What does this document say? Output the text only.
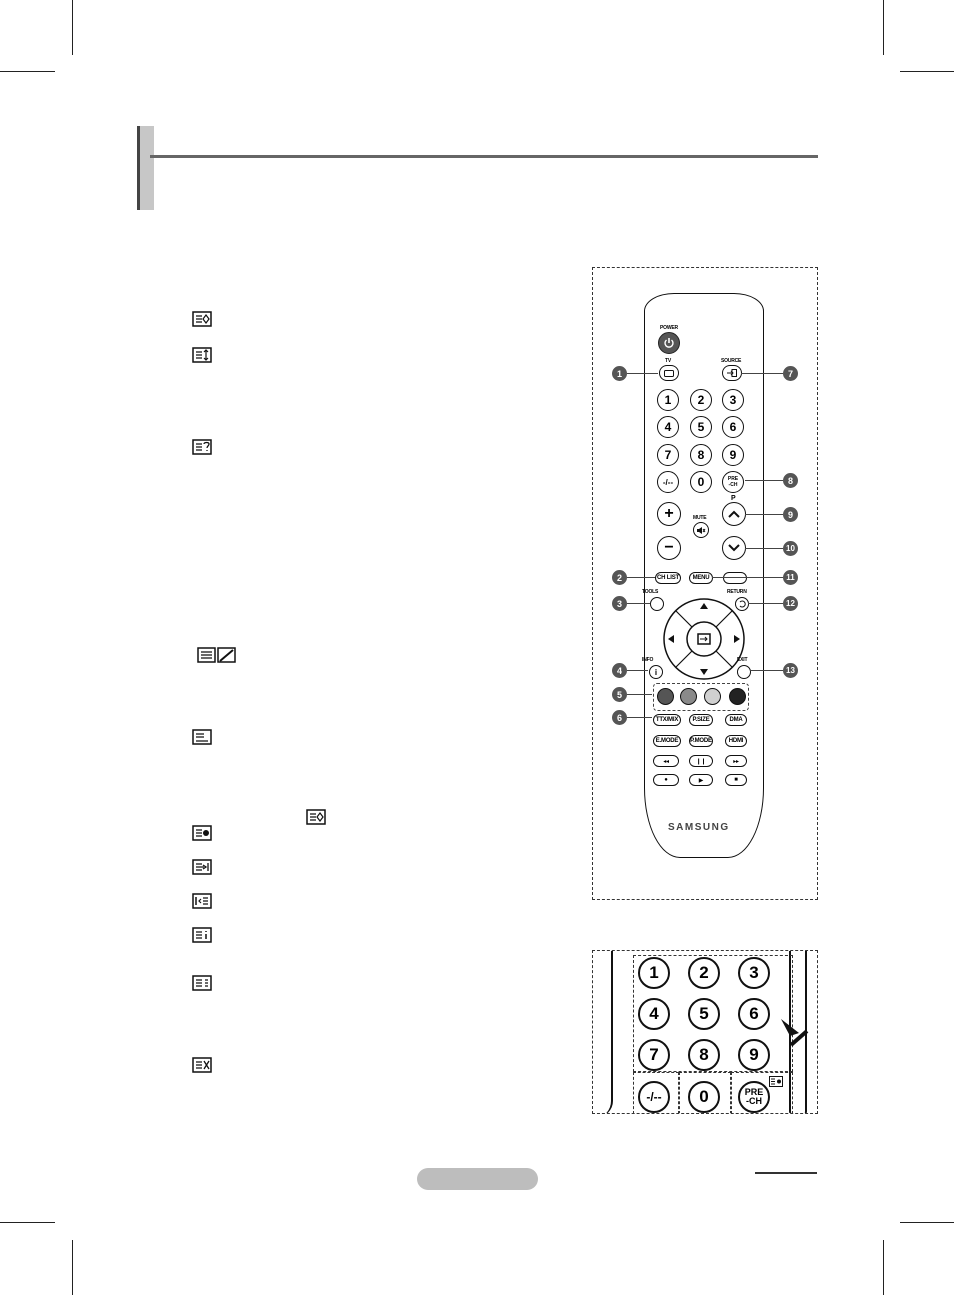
POWER
TV	SOURCE
1	2	3
4	5	6
7	8	9
-/--	0	PRE
-CH
+	MUTE
P
−
CH LIST	MENU
TOOLS	RETURN
INFO
i
EXIT
TTX/MIX	P.SIZE	DMA
E.MODE	P.MODE	HDMI
◂◂	❙❙	▸▸
●	▶	■
SAMSUNG
1
2
3
4
5
6
7
8
9
10
11
12
13
1	2	3
4	5	6
7	8	9
-/--	0	PRE
-CH
